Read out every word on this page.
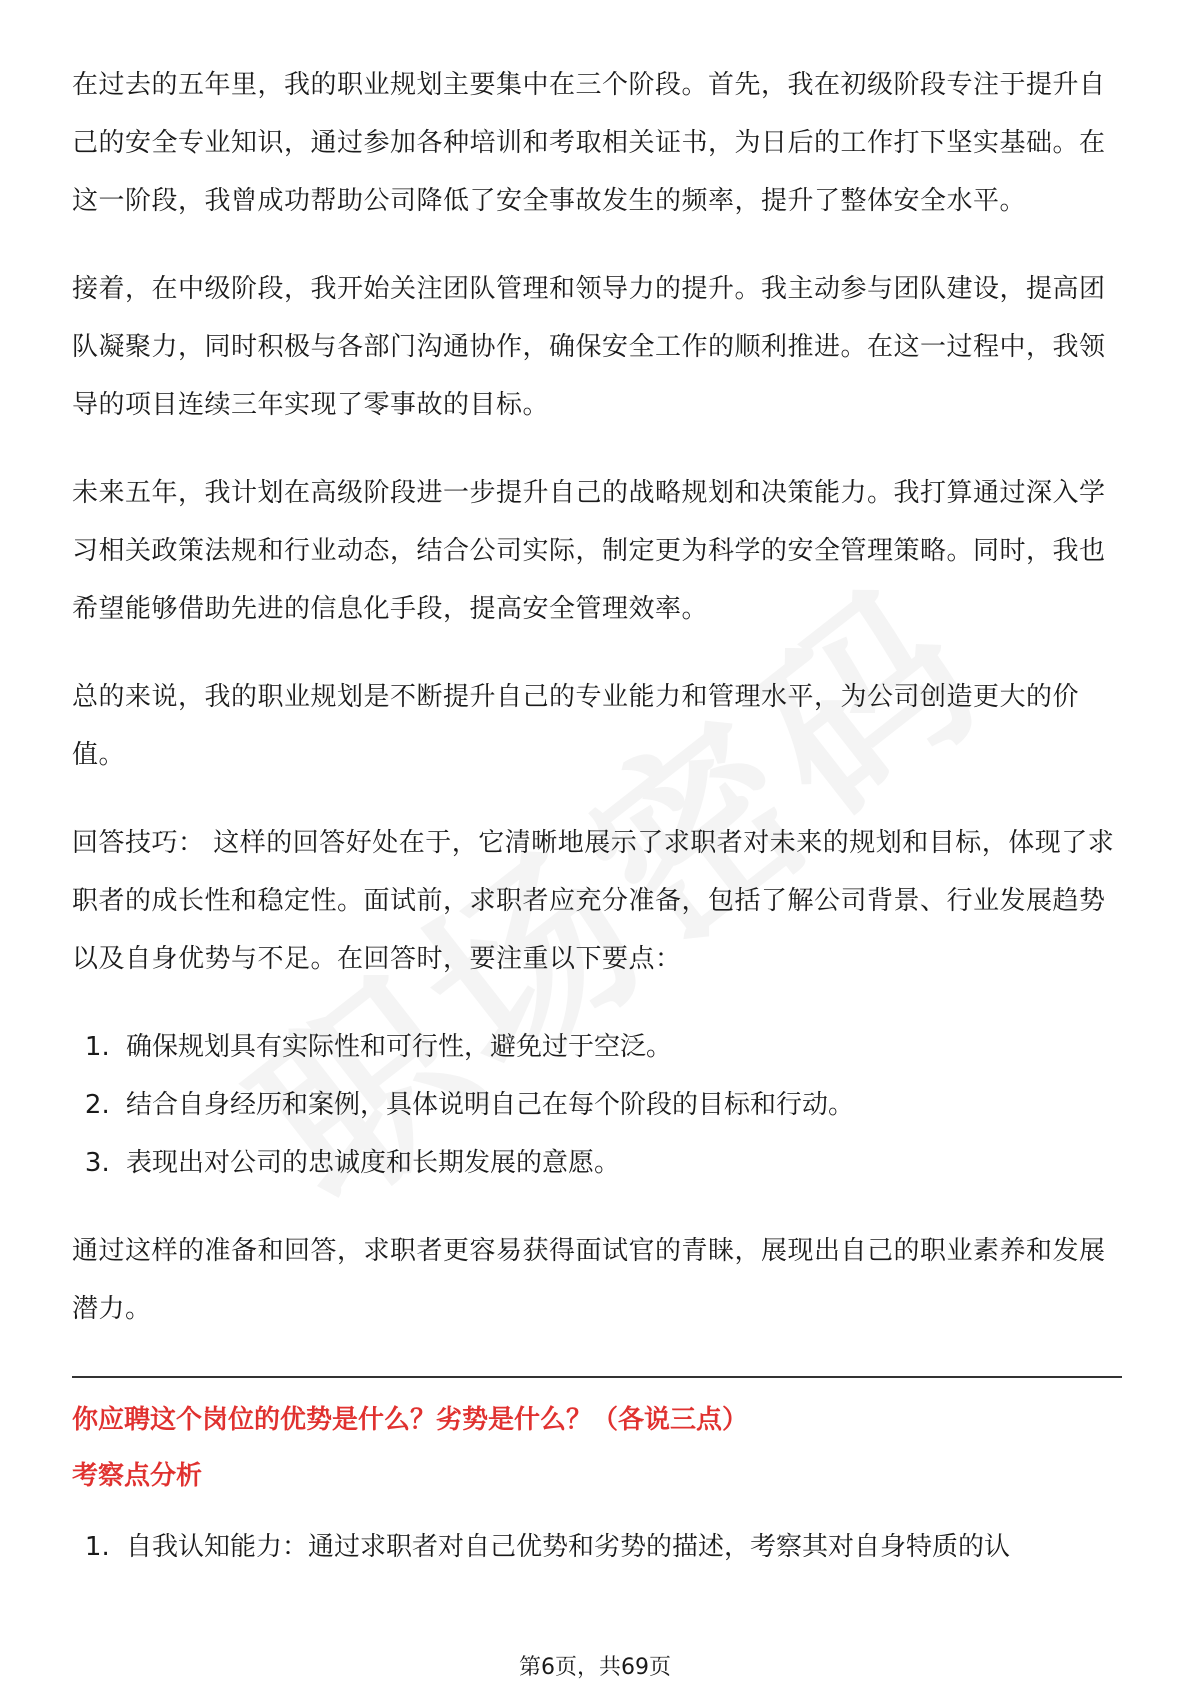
在过去的五年里，我的职业规划主要集中在三个阶段。首先，我在初级阶段专注于提升自己的安全专业知识，通过参加各种培训和考取相关证书，为日后的工作打下坚实基础。在这一阶段，我曾成功帮助公司降低了安全事故发生的频率，提升了整体安全水平。

接着，在中级阶段，我开始关注团队管理和领导力的提升。我主动参与团队建设，提高团队凝聚力，同时积极与各部门沟通协作，确保安全工作的顺利推进。在这一过程中，我领导的项目连续三年实现了零事故的目标。

未来五年，我计划在高级阶段进一步提升自己的战略规划和决策能力。我打算通过深入学习相关政策法规和行业动态，结合公司实际，制定更为科学的安全管理策略。同时，我也希望能够借助先进的信息化手段，提高安全管理效率。

总的来说，我的职业规划是不断提升自己的专业能力和管理水平，为公司创造更大的价值。

回答技巧： 这样的回答好处在于，它清晰地展示了求职者对未来的规划和目标，体现了求职者的成长性和稳定性。面试前，求职者应充分准备，包括了解公司背景、行业发展趋势以及自身优势与不足。在回答时，要注重以下要点：

1. 确保规划具有实际性和可行性，避免过于空泛。
2. 结合自身经历和案例，具体说明自己在每个阶段的目标和行动。
3. 表现出对公司的忠诚度和长期发展的意愿。

通过这样的准备和回答，求职者更容易获得面试官的青睐，展现出自己的职业素养和发展潜力。

你应聘这个岗位的优势是什么？劣势是什么？（各说三点）

考察点分析

1. 自我认知能力：通过求职者对自己优势和劣势的描述，考察其对自身特质的认
第6页，共69页
